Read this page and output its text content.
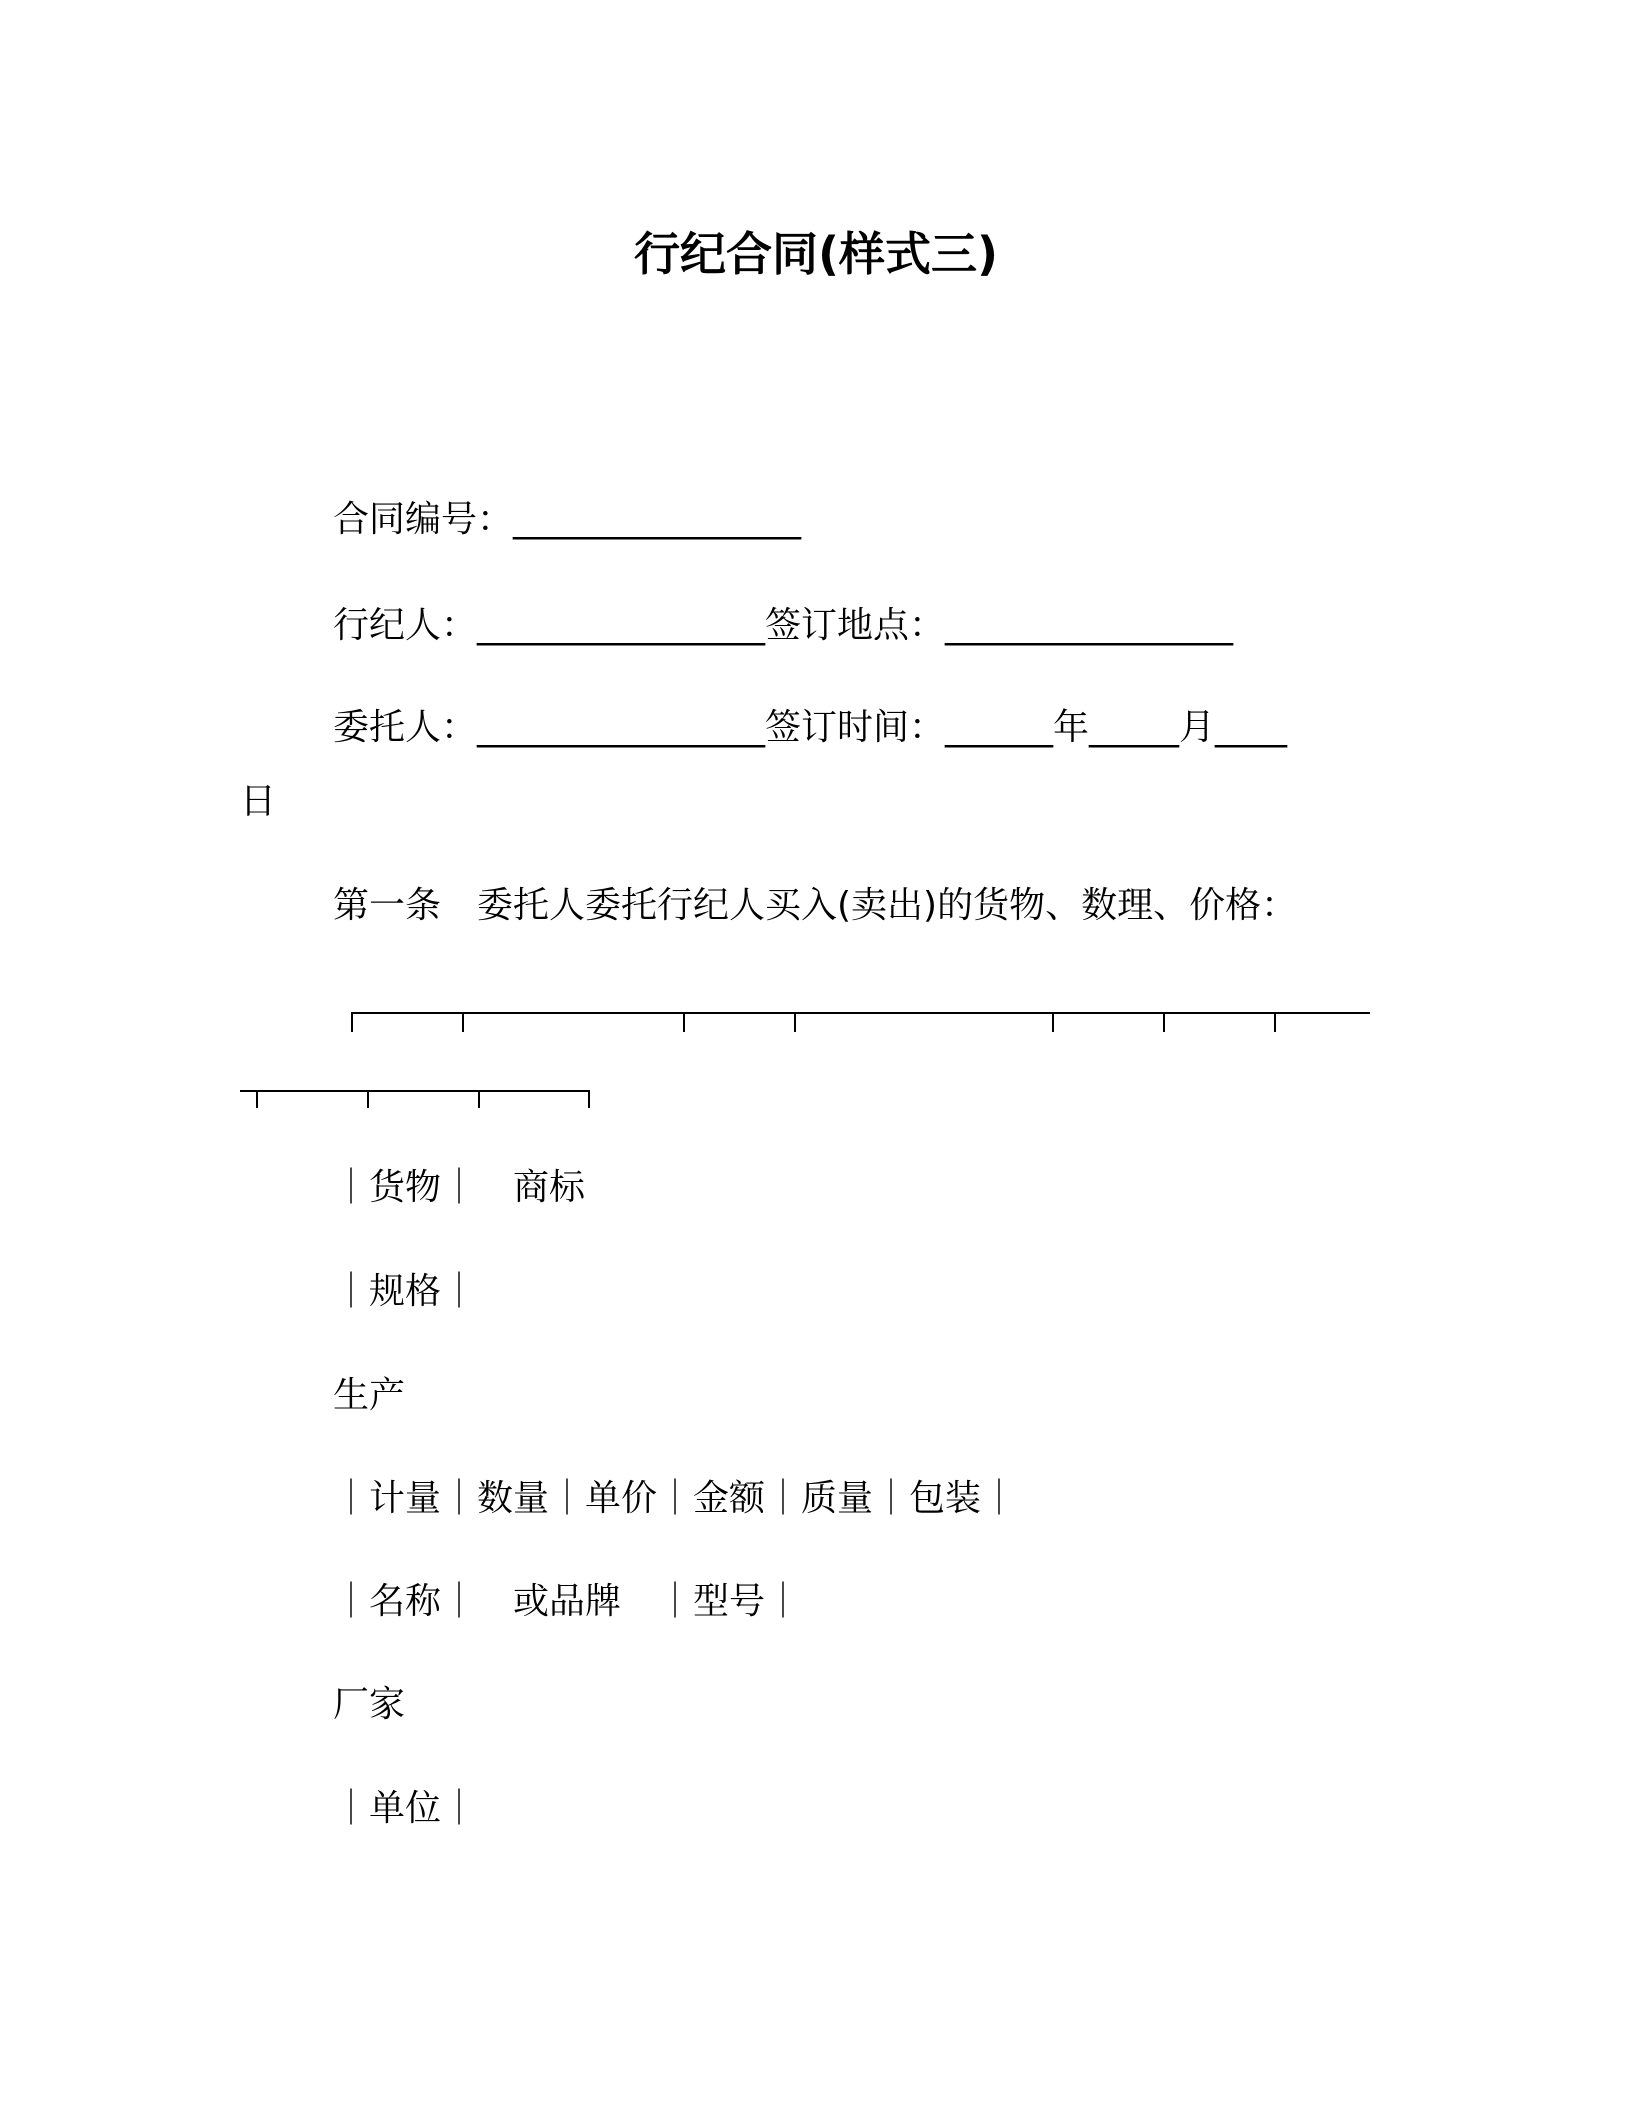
行纪合同(样式三)
合同编号：________________
行纪人：________________签订地点：________________
委托人：________________签订时间：______年_____月____
日
第一条　委托人委托行纪人买入(卖出)的货物、数理、价格：
｜货物｜　商标
｜规格｜
生产
｜计量｜数量｜单价｜金额｜质量｜包装｜
｜名称｜　或品牌　｜型号｜
厂家
｜单位｜
